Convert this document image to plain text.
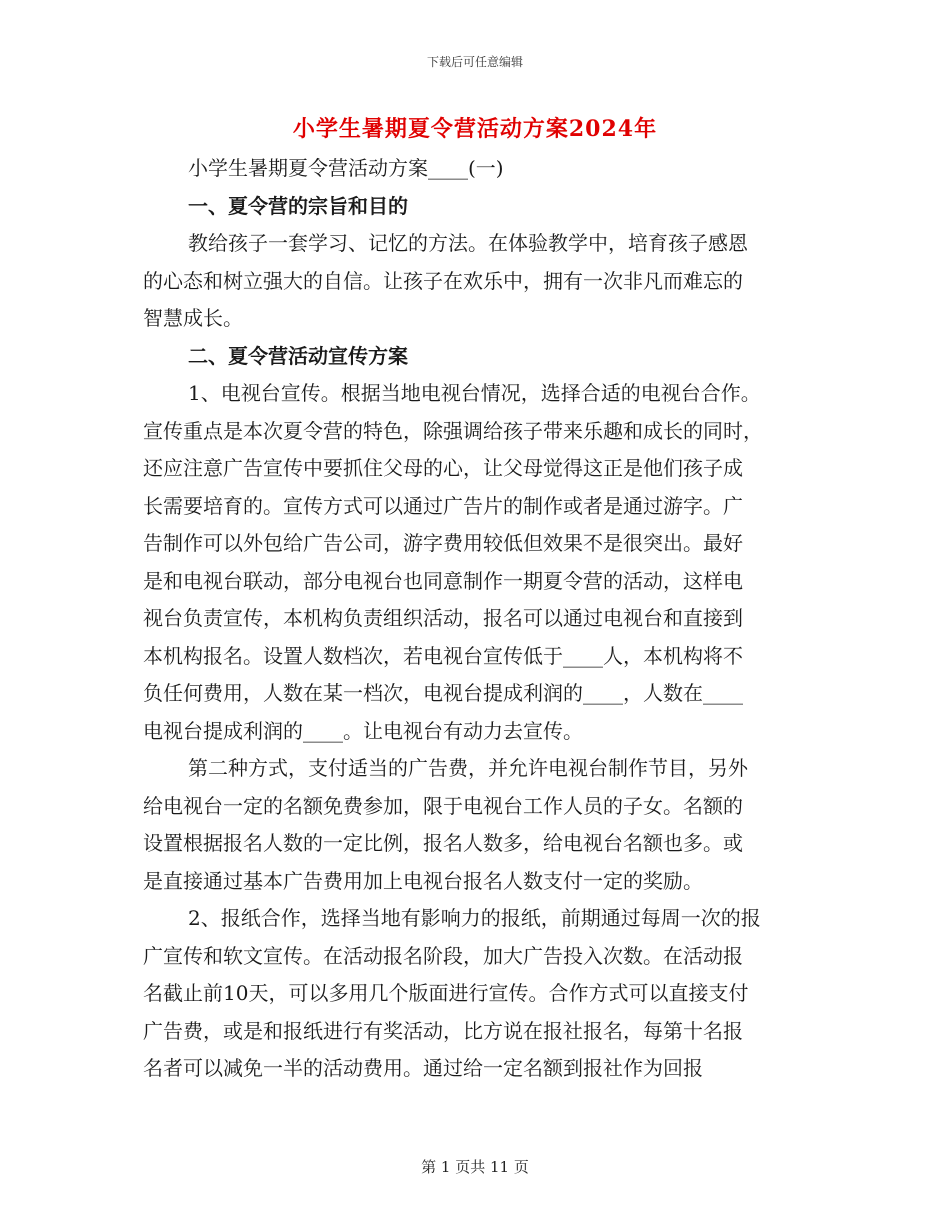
下载后可任意编辑
小学生暑期夏令营活动方案2024年
小学生暑期夏令营活动方案____(一)
一、夏令营的宗旨和目的
教给孩子一套学习、记忆的方法。在体验教学中，培育孩子感恩
的心态和树立强大的自信。让孩子在欢乐中，拥有一次非凡而难忘的
智慧成长。
二、夏令营活动宣传方案
1、电视台宣传。根据当地电视台情况，选择合适的电视台合作。
宣传重点是本次夏令营的特色，除强调给孩子带来乐趣和成长的同时，
还应注意广告宣传中要抓住父母的心，让父母觉得这正是他们孩子成
长需要培育的。宣传方式可以通过广告片的制作或者是通过游字。广
告制作可以外包给广告公司，游字费用较低但效果不是很突出。最好
是和电视台联动，部分电视台也同意制作一期夏令营的活动，这样电
视台负责宣传，本机构负责组织活动，报名可以通过电视台和直接到
本机构报名。设置人数档次，若电视台宣传低于____人，本机构将不
负任何费用，人数在某一档次，电视台提成利润的____，人数在____
电视台提成利润的____。让电视台有动力去宣传。
第二种方式，支付适当的广告费，并允许电视台制作节目，另外
给电视台一定的名额免费参加，限于电视台工作人员的子女。名额的
设置根据报名人数的一定比例，报名人数多，给电视台名额也多。或
是直接通过基本广告费用加上电视台报名人数支付一定的奖励。
2、报纸合作，选择当地有影响力的报纸，前期通过每周一次的报
广宣传和软文宣传。在活动报名阶段，加大广告投入次数。在活动报
名截止前10天，可以多用几个版面进行宣传。合作方式可以直接支付
广告费，或是和报纸进行有奖活动，比方说在报社报名，每第十名报
名者可以减免一半的活动费用。通过给一定名额到报社作为回报
第 1 页共 11 页
